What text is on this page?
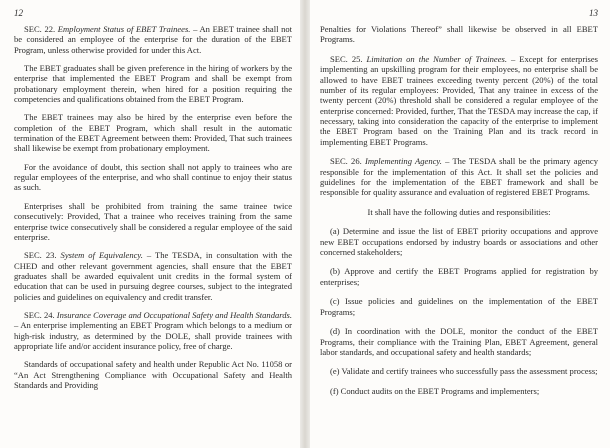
12

SEC. 22. Employment Status of EBET Trainees. – An EBET trainee shall not be considered an employee of the enterprise for the duration of the EBET Program, unless otherwise provided for under this Act.

The EBET graduates shall be given preference in the hiring of workers by the enterprise that implemented the EBET Program and shall be exempt from probationary employment therein, when hired for a position requiring the competencies and qualifications obtained from the EBET Program.

The EBET trainees may also be hired by the enterprise even before the completion of the EBET Program, which shall result in the automatic termination of the EBET Agreement between them: Provided, That such trainees shall likewise be exempt from probationary employment.

For the avoidance of doubt, this section shall not apply to trainees who are regular employees of the enterprise, and who shall continue to enjoy their status as such.

Enterprises shall be prohibited from training the same trainee twice consecutively: Provided, That a trainee who receives training from the same enterprise twice consecutively shall be considered a regular employee of the said enterprise.

SEC. 23. System of Equivalency. – The TESDA, in consultation with the CHED and other relevant government agencies, shall ensure that the EBET graduates shall be awarded equivalent unit credits in the formal system of education that can be used in pursuing degree courses, subject to the integrated policies and guidelines on equivalency and credit transfer.

SEC. 24. Insurance Coverage and Occupational Safety and Health Standards. – An enterprise implementing an EBET Program which belongs to a medium or high-risk industry, as determined by the DOLE, shall provide trainees with appropriate life and/or accident insurance policy, free of charge.

Standards of occupational safety and health under Republic Act No. 11058 or “An Act Strengthening Compliance with Occupational Safety and Health Standards and Providing

13

Penalties for Violations Thereof” shall likewise be observed in all EBET Programs.

SEC. 25. Limitation on the Number of Trainees. – Except for enterprises implementing an upskilling program for their employees, no enterprise shall be allowed to have EBET trainees exceeding twenty percent (20%) of the total number of its regular employees: Provided, That any trainee in excess of the twenty percent (20%) threshold shall be considered a regular employee of the enterprise concerned: Provided, further, That the TESDA may increase the cap, if necessary, taking into consideration the capacity of the enterprise to implement the EBET Program based on the Training Plan and its track record in implementing EBET Programs.

SEC. 26. Implementing Agency. – The TESDA shall be the primary agency responsible for the implementation of this Act. It shall set the policies and guidelines for the implementation of the EBET framework and shall be responsible for quality assurance and evaluation of registered EBET Programs.

It shall have the following duties and responsibilities:

(a) Determine and issue the list of EBET priority occupations and approve new EBET occupations endorsed by industry boards or associations and other concerned stakeholders;

(b) Approve and certify the EBET Programs applied for registration by enterprises;

(c) Issue policies and guidelines on the implementation of the EBET Programs;

(d) In coordination with the DOLE, monitor the conduct of the EBET Programs, their compliance with the Training Plan, EBET Agreement, general labor standards, and occupational safety and health standards;

(e) Validate and certify trainees who successfully pass the assessment process;

(f) Conduct audits on the EBET Programs and implementers;
